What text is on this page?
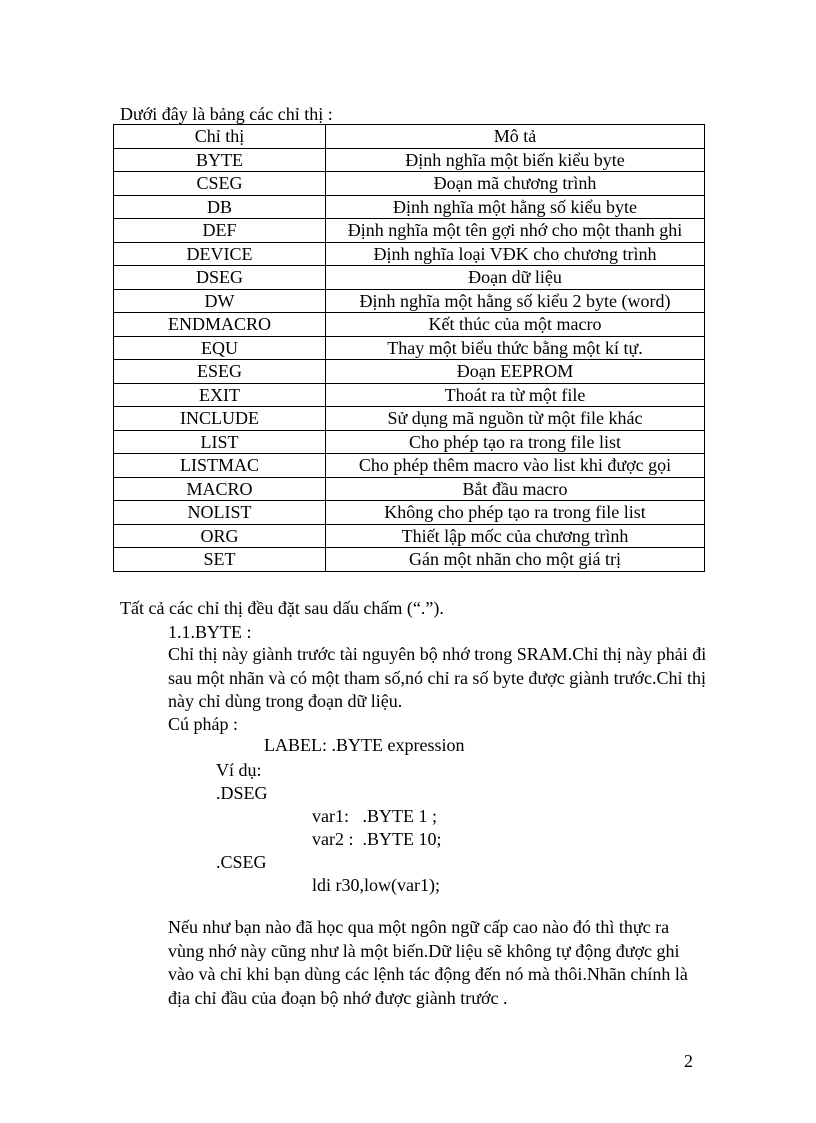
Dưới đây là bảng các chỉ thị :
Chỉ thị	Mô tả
BYTE	Định nghĩa một biến kiểu byte
CSEG	Đoạn mã chương trình
DB	Định nghĩa một hằng số kiểu byte
DEF	Định nghĩa một tên gợi nhớ cho một thanh ghi
DEVICE	Định nghĩa loại VĐK cho chương trình
DSEG	Đoạn dữ liệu
DW	Định nghĩa một hằng số kiểu 2 byte (word)
ENDMACRO	Kết thúc của một macro
EQU	Thay một biểu thức bằng một kí tự.
ESEG	Đoạn EEPROM
EXIT	Thoát ra từ một file
INCLUDE	Sử dụng mã nguồn từ một file khác
LIST	Cho phép tạo ra trong file list
LISTMAC	Cho phép thêm macro vào list khi được gọi
MACRO	Bắt đầu macro
NOLIST	Không cho phép tạo ra trong file list
ORG	Thiết lập mốc của chương trình
SET	Gán một nhãn cho một giá trị
Tất cả các chỉ thị đều đặt sau dấu chấm (“.”).
1.1.BYTE :
Chỉ thị này giành trước tài nguyên bộ nhớ trong SRAM.Chỉ thị này phải đi sau một nhãn và có một tham số,nó chỉ ra số byte được giành trước.Chỉ thị này chỉ dùng trong đoạn dữ liệu.
Cú pháp :
LABEL: .BYTE expression
Ví dụ:
.DSEG
var1:   .BYTE 1 ;
var2 :  .BYTE 10;
.CSEG
ldi r30,low(var1);
Nếu như bạn nào đã học qua một ngôn ngữ cấp cao nào đó thì thực ra vùng nhớ này cũng như là một biến.Dữ liệu sẽ không tự động được ghi vào và chỉ khi bạn dùng các lệnh tác động đến nó mà thôi.Nhãn chính là địa chỉ đầu của đoạn bộ nhớ được giành trước .
2
